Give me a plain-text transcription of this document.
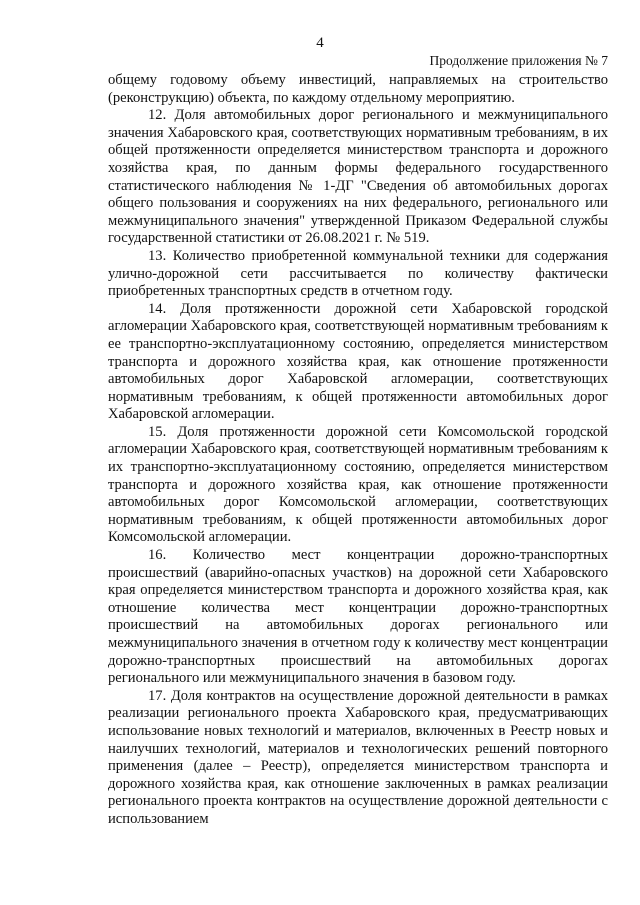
4
Продолжение приложения № 7

общему годовому объему инвестиций, направляемых на строительство (реконструкцию) объекта, по каждому отдельному мероприятию.

12. Доля автомобильных дорог регионального и межмуниципального значения Хабаровского края, соответствующих нормативным требованиям, в их общей протяженности определяется министерством транспорта и дорожного хозяйства края, по данным формы федерального государственного статистического наблюдения № 1-ДГ "Сведения об автомобильных дорогах общего пользования и сооружениях на них федерального, регионального или межмуниципального значения" утвержденной Приказом Федеральной службы государственной статистики от 26.08.2021 г. № 519.

13. Количество приобретенной коммунальной техники для содержания улично-дорожной сети рассчитывается по количеству фактически приобретенных транспортных средств в отчетном году.

14. Доля протяженности дорожной сети Хабаровской городской агломерации Хабаровского края, соответствующей нормативным требованиям к ее транспортно-эксплуатационному состоянию, определяется министерством транспорта и дорожного хозяйства края, как отношение протяженности автомобильных дорог Хабаровской агломерации, соответствующих нормативным требованиям, к общей протяженности автомобильных дорог Хабаровской агломерации.

15. Доля протяженности дорожной сети Комсомольской городской агломерации Хабаровского края, соответствующей нормативным требованиям к их транспортно-эксплуатационному состоянию, определяется министерством транспорта и дорожного хозяйства края, как отношение протяженности автомобильных дорог Комсомольской агломерации, соответствующих нормативным требованиям, к общей протяженности автомобильных дорог Комсомольской агломерации.

16. Количество мест концентрации дорожно-транспортных происшествий (аварийно-опасных участков) на дорожной сети Хабаровского края определяется министерством транспорта и дорожного хозяйства края, как отношение количества мест концентрации дорожно-транспортных происшествий на автомобильных дорогах регионального или межмуниципального значения в отчетном году к количеству мест концентрации дорожно-транспортных происшествий на автомобильных дорогах регионального или межмуниципального значения в базовом году.

17. Доля контрактов на осуществление дорожной деятельности в рамках реализации регионального проекта Хабаровского края, предусматривающих использование новых технологий и материалов, включенных в Реестр новых и наилучших технологий, материалов и технологических решений повторного применения (далее – Реестр), определяется министерством транспорта и дорожного хозяйства края, как отношение заключенных в рамках реализации регионального проекта контрактов на осуществление дорожной деятельности с использованием
